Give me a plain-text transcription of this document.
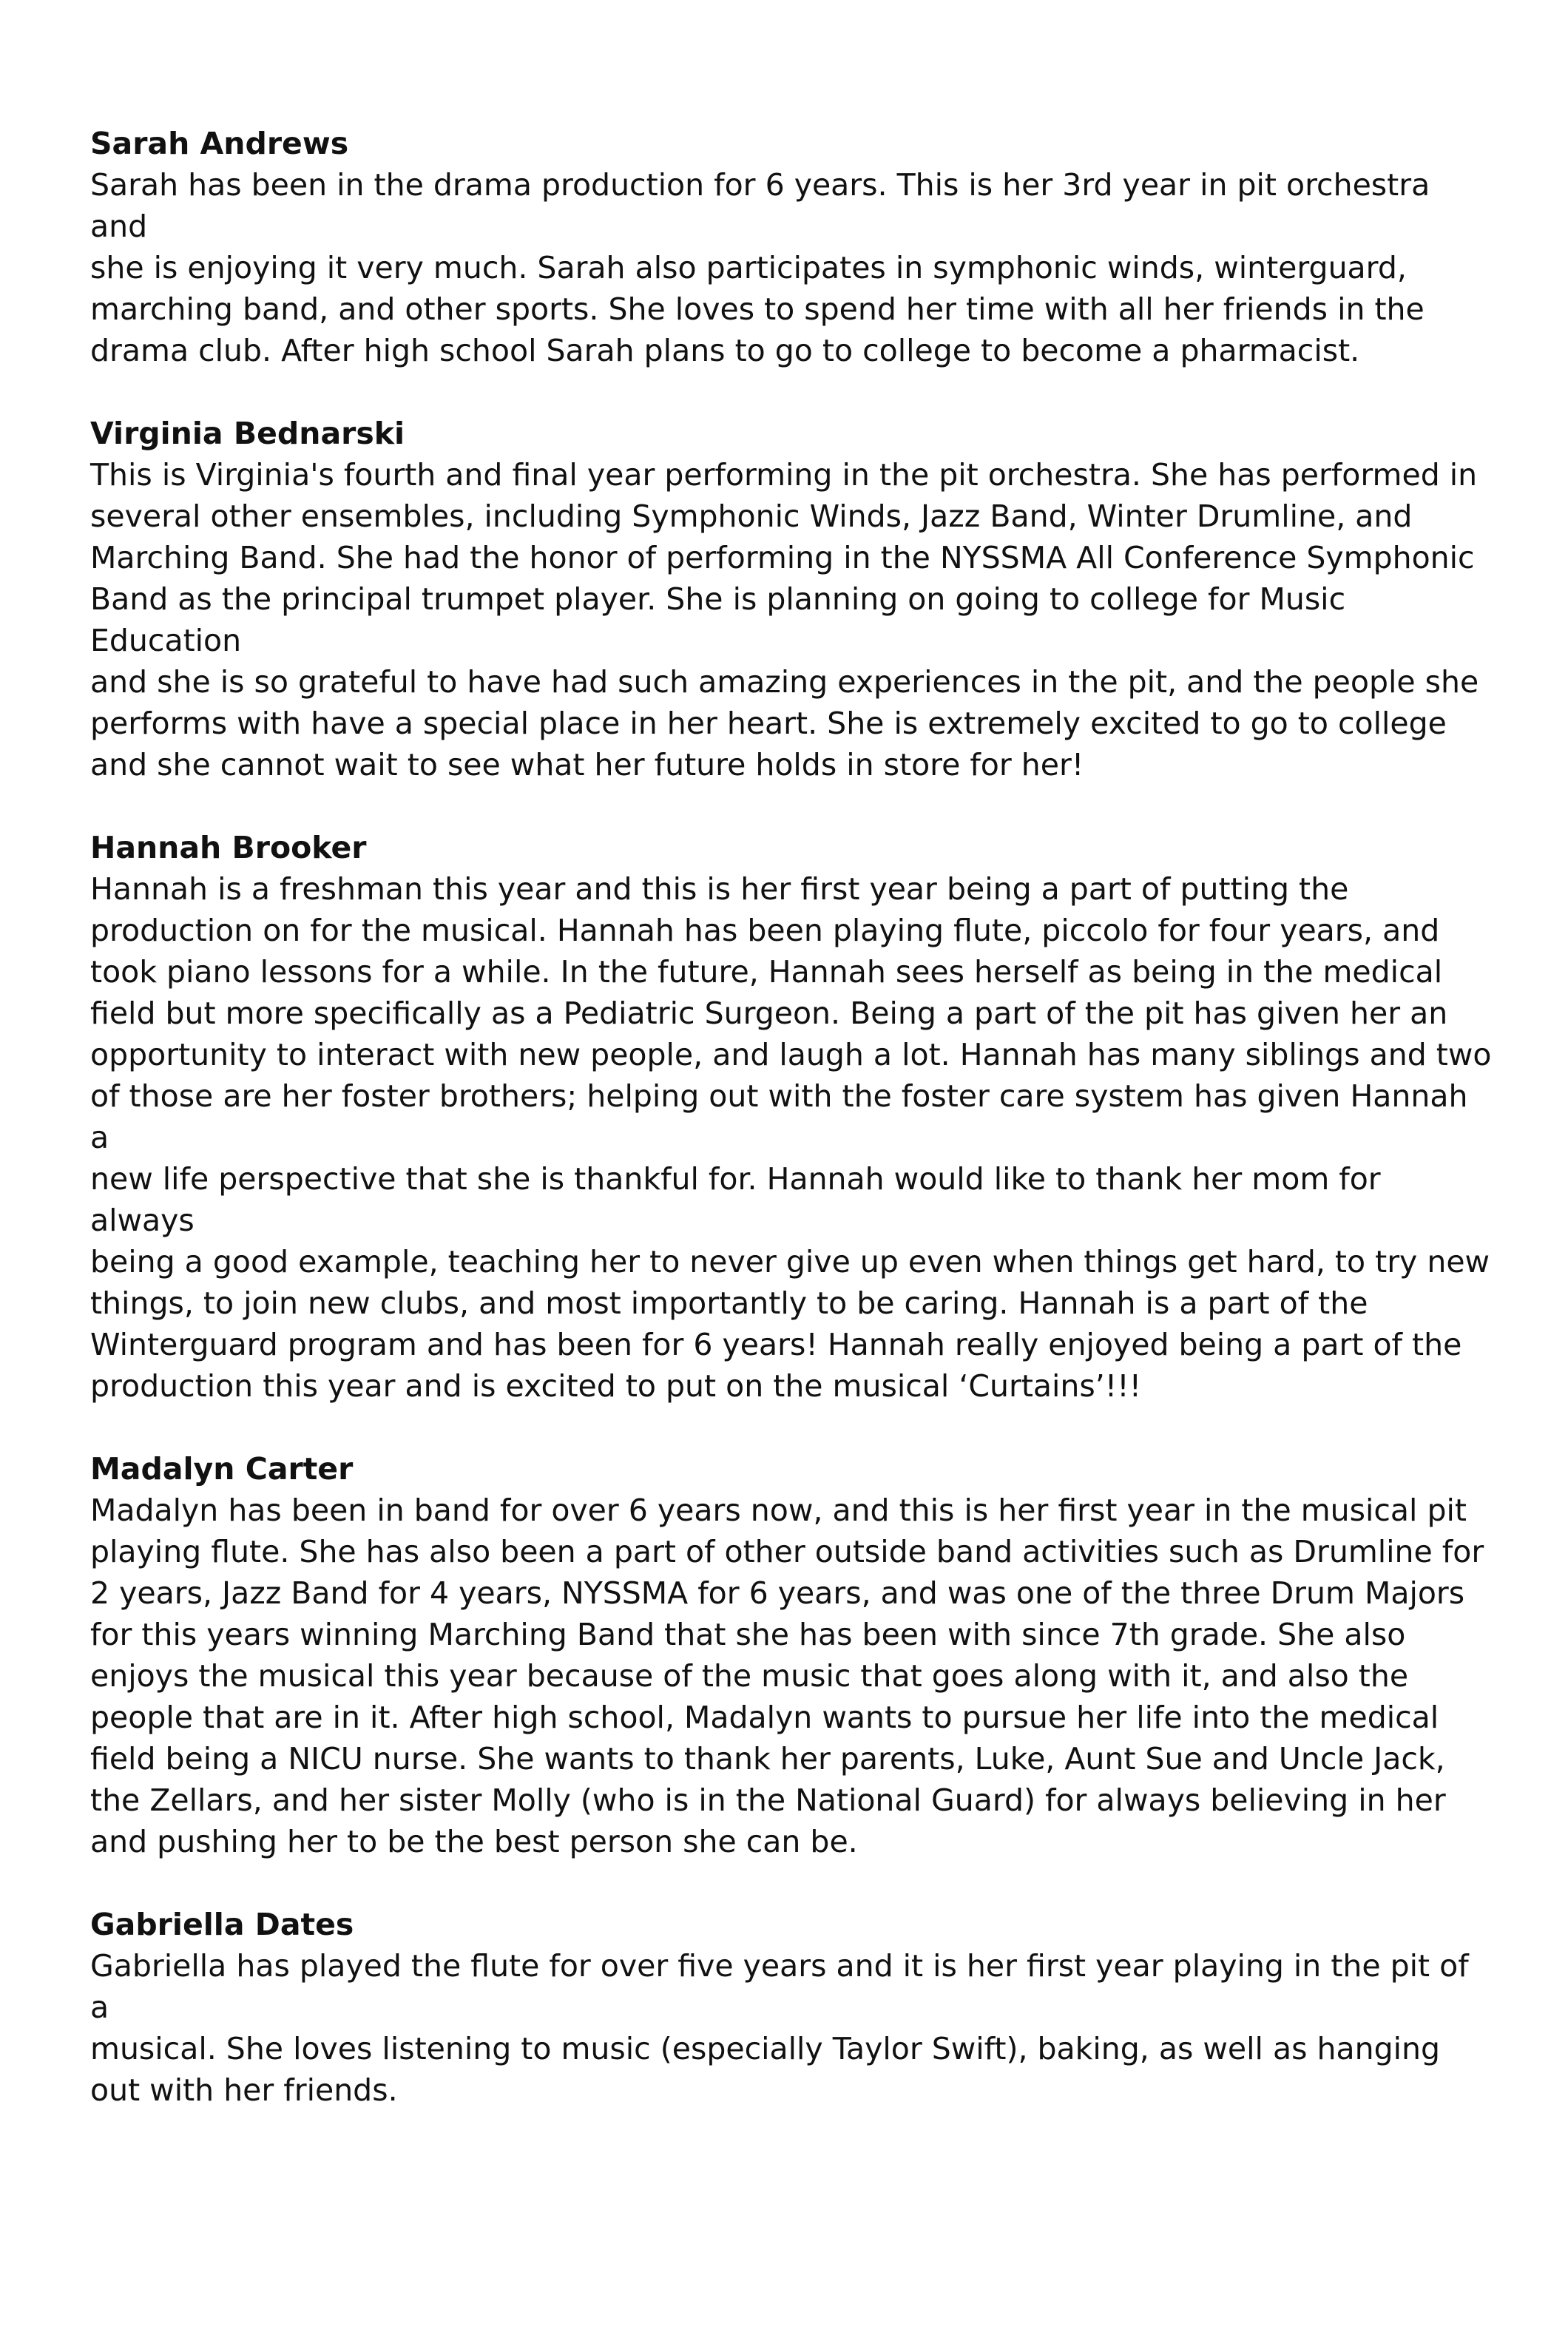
Sarah Andrews

Sarah has been in the drama production for 6 years. This is her 3rd year in pit orchestra and
she is enjoying it very much. Sarah also participates in symphonic winds, winterguard,
marching band, and other sports. She loves to spend her time with all her friends in the
drama club. After high school Sarah plans to go to college to become a pharmacist.

Virginia Bednarski

This is Virginia's fourth and final year performing in the pit orchestra. She has performed in
several other ensembles, including Symphonic Winds, Jazz Band, Winter Drumline, and
Marching Band. She had the honor of performing in the NYSSMA All Conference Symphonic
Band as the principal trumpet player. She is planning on going to college for Music Education
and she is so grateful to have had such amazing experiences in the pit, and the people she
performs with have a special place in her heart. She is extremely excited to go to college
and she cannot wait to see what her future holds in store for her!

Hannah Brooker

Hannah is a freshman this year and this is her first year being a part of putting the
production on for the musical. Hannah has been playing flute, piccolo for four years, and
took piano lessons for a while. In the future, Hannah sees herself as being in the medical
field but more specifically as a Pediatric Surgeon. Being a part of the pit has given her an
opportunity to interact with new people, and laugh a lot. Hannah has many siblings and two
of those are her foster brothers; helping out with the foster care system has given Hannah a
new life perspective that she is thankful for. Hannah would like to thank her mom for always
being a good example, teaching her to never give up even when things get hard, to try new
things, to join new clubs, and most importantly to be caring. Hannah is a part of the
Winterguard program and has been for 6 years! Hannah really enjoyed being a part of the
production this year and is excited to put on the musical ‘Curtains’!!!

Madalyn Carter

Madalyn has been in band for over 6 years now, and this is her first year in the musical pit
playing flute. She has also been a part of other outside band activities such as Drumline for
2 years, Jazz Band for 4 years, NYSSMA for 6 years, and was one of the three Drum Majors
for this years winning Marching Band that she has been with since 7th grade. She also
enjoys the musical this year because of the music that goes along with it, and also the
people that are in it. After high school, Madalyn wants to pursue her life into the medical
field being a NICU nurse. She wants to thank her parents, Luke, Aunt Sue and Uncle Jack,
the Zellars, and her sister Molly (who is in the National Guard) for always believing in her
and pushing her to be the best person she can be.

Gabriella Dates

Gabriella has played the flute for over five years and it is her first year playing in the pit of a
musical. She loves listening to music (especially Taylor Swift), baking, as well as hanging
out with her friends.
